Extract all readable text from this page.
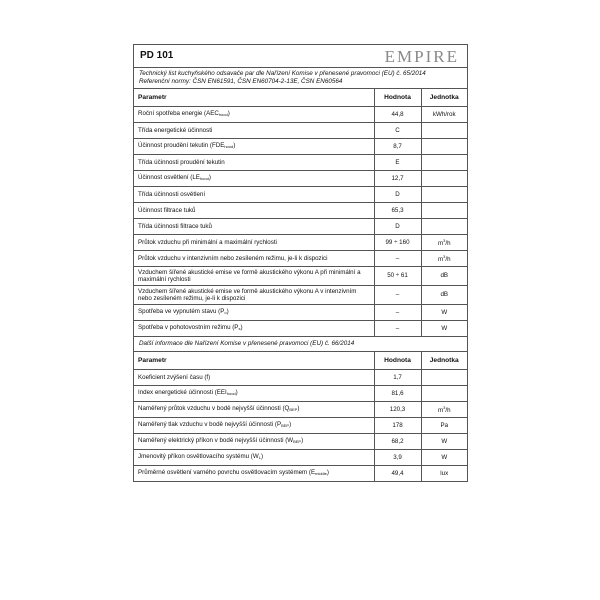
PD 101	EMPIRE
Technický list kuchyňského odsavače par dle Nařízení Komise v přenesené pravomoci (EU) č. 65/2014
Referenční normy: ČSN EN61591, ČSN EN60704-2-13E, ČSN EN60564
Parametr	Hodnota	Jednotka
Roční spotřeba energie $(AEC_{hood})$	44,8	kWh/rok
Třída energetické účinnosti	C	
Účinnost proudění tekutin $(FDE_{hood})$	8,7	
Třída účinnosti proudění tekutin	E	
Účinnost osvětlení $(LE_{hood})$	12,7	
Třída účinnosti osvětlení	D	
Účinnost filtrace tuků	65,3	
Třída účinnosti filtrace tuků	D	
Průtok vzduchu při minimální a maximální rychlosti	99 ÷ 160	$m^3/h$
Průtok vzduchu v intenzivním nebo zesíleném režimu, je-li k dispozici	–	$m^3/h$
Vzduchem šířené akustické emise ve formě akustického výkonu A při minimální a maximální rychlosti	50 ÷ 61	dB
Vzduchem šířené akustické emise ve formě akustického výkonu A v intenzivním nebo zesíleném režimu, je-li k dispozici	–	dB
Spotřeba ve vypnutém stavu $(P_o)$	–	W
Spotřeba v pohotovostním režimu $(P_s)$	–	W
Další informace dle Nařízení Komise v přenesené pravomoci (EU) č. 66/2014
Parametr	Hodnota	Jednotka
Koeficient zvýšení času (f)	1,7	
Index energetické účinnosti $(EEI_{hood})$	81,6	
Naměřený průtok vzduchu v bodě nejvyšší účinnosti $(Q_{BEP})$	120,3	$m^3/h$
Naměřený tlak vzduchu v bodě nejvyšší účinnosti $(P_{BEP})$	178	Pa
Naměřený elektrický příkon v bodě nejvyšší účinnosti $(W_{BEP})$	68,2	W
Jmenovitý příkon osvětlovacího systému $(W_L)$	3,9	W
Průměrné osvětlení varného povrchu osvětlovacím systémem $(E_{middle})$	49,4	lux
